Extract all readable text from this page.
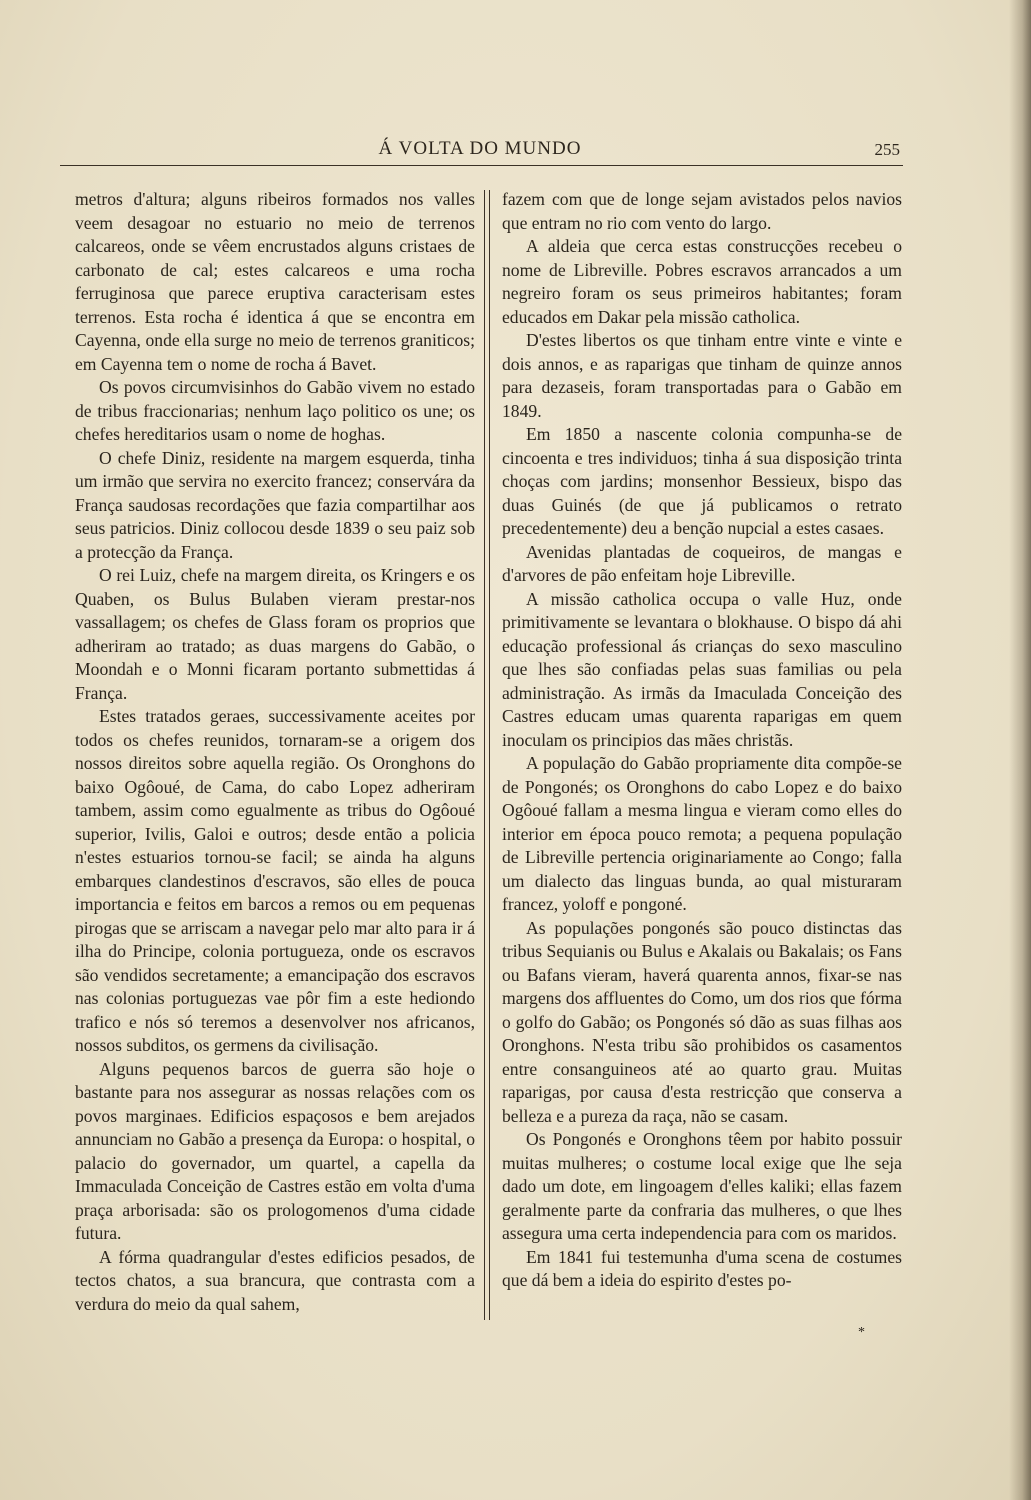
Á VOLTA DO MUNDO	255

metros d'altura; alguns ribeiros formados nos valles veem desagoar no estuario no meio de terrenos calcareos, onde se vêem encrustados alguns cristaes de carbonato de cal; estes calcareos e uma rocha ferruginosa que parece eruptiva caracterisam estes terrenos. Esta rocha é identica á que se encontra em Cayenna, onde ella surge no meio de terrenos graniticos; em Cayenna tem o nome de rocha á Bavet.

Os povos circumvisinhos do Gabão vivem no estado de tribus fraccionarias; nenhum laço politico os une; os chefes hereditarios usam o nome de hoghas.

O chefe Diniz, residente na margem esquerda, tinha um irmão que servira no exercito francez; conservára da França saudosas recordações que fazia compartilhar aos seus patricios. Diniz collocou desde 1839 o seu paiz sob a protecção da França.

O rei Luiz, chefe na margem direita, os Kringers e os Quaben, os Bulus Bulaben vieram prestar-nos vassallagem; os chefes de Glass foram os proprios que adheriram ao tratado; as duas margens do Gabão, o Moondah e o Monni ficaram portanto submettidas á França.

Estes tratados geraes, successivamente aceites por todos os chefes reunidos, tornaram-se a origem dos nossos direitos sobre aquella região. Os Oronghons do baixo Ogôoué, de Cama, do cabo Lopez adheriram tambem, assim como egualmente as tribus do Ogôoué superior, Ivilis, Galoi e outros; desde então a policia n'estes estuarios tornou-se facil; se ainda ha alguns embarques clandestinos d'escravos, são elles de pouca importancia e feitos em barcos a remos ou em pequenas pirogas que se arriscam a navegar pelo mar alto para ir á ilha do Principe, colonia portugueza, onde os escravos são vendidos secretamente; a emancipação dos escravos nas colonias portuguezas vae pôr fim a este hediondo trafico e nós só teremos a desenvolver nos africanos, nossos subditos, os germens da civilisação.

Alguns pequenos barcos de guerra são hoje o bastante para nos assegurar as nossas relações com os povos marginaes. Edificios espaçosos e bem arejados annunciam no Gabão a presença da Europa: o hospital, o palacio do governador, um quartel, a capella da Immaculada Conceição de Castres estão em volta d'uma praça arborisada: são os prologomenos d'uma cidade futura.

A fórma quadrangular d'estes edificios pesados, de tectos chatos, a sua brancura, que contrasta com a verdura do meio da qual sahem,

fazem com que de longe sejam avistados pelos navios que entram no rio com vento do largo.

A aldeia que cerca estas construcções recebeu o nome de Libreville. Pobres escravos arrancados a um negreiro foram os seus primeiros habitantes; foram educados em Dakar pela missão catholica.

D'estes libertos os que tinham entre vinte e vinte e dois annos, e as raparigas que tinham de quinze annos para dezaseis, foram transportadas para o Gabão em 1849.

Em 1850 a nascente colonia compunha-se de cincoenta e tres individuos; tinha á sua disposição trinta choças com jardins; monsenhor Bessieux, bispo das duas Guinés (de que já publicamos o retrato precedentemente) deu a benção nupcial a estes casaes.

Avenidas plantadas de coqueiros, de mangas e d'arvores de pão enfeitam hoje Libreville.

A missão catholica occupa o valle Huz, onde primitivamente se levantara o blokhause. O bispo dá ahi educação professional ás crianças do sexo masculino que lhes são confiadas pelas suas familias ou pela administração. As irmãs da Imaculada Conceição des Castres educam umas quarenta raparigas em quem inoculam os principios das mães christãs.

A população do Gabão propriamente dita compõe-se de Pongonés; os Oronghons do cabo Lopez e do baixo Ogôoué fallam a mesma lingua e vieram como elles do interior em época pouco remota; a pequena população de Libreville pertencia originariamente ao Congo; falla um dialecto das linguas bunda, ao qual misturaram francez, yoloff e pongoné.

As populações pongonés são pouco distinctas das tribus Sequianis ou Bulus e Akalais ou Bakalais; os Fans ou Bafans vieram, haverá quarenta annos, fixar-se nas margens dos affluentes do Como, um dos rios que fórma o golfo do Gabão; os Pongonés só dão as suas filhas aos Oronghons. N'esta tribu são prohibidos os casamentos entre consanguineos até ao quarto grau. Muitas raparigas, por causa d'esta restricção que conserva a belleza e a pureza da raça, não se casam.

Os Pongonés e Oronghons têem por habito possuir muitas mulheres; o costume local exige que lhe seja dado um dote, em lingoagem d'elles kaliki; ellas fazem geralmente parte da confraria das mulheres, o que lhes assegura uma certa independencia para com os maridos.

Em 1841 fui testemunha d'uma scena de costumes que dá bem a ideia do espirito d'estes po-

*
